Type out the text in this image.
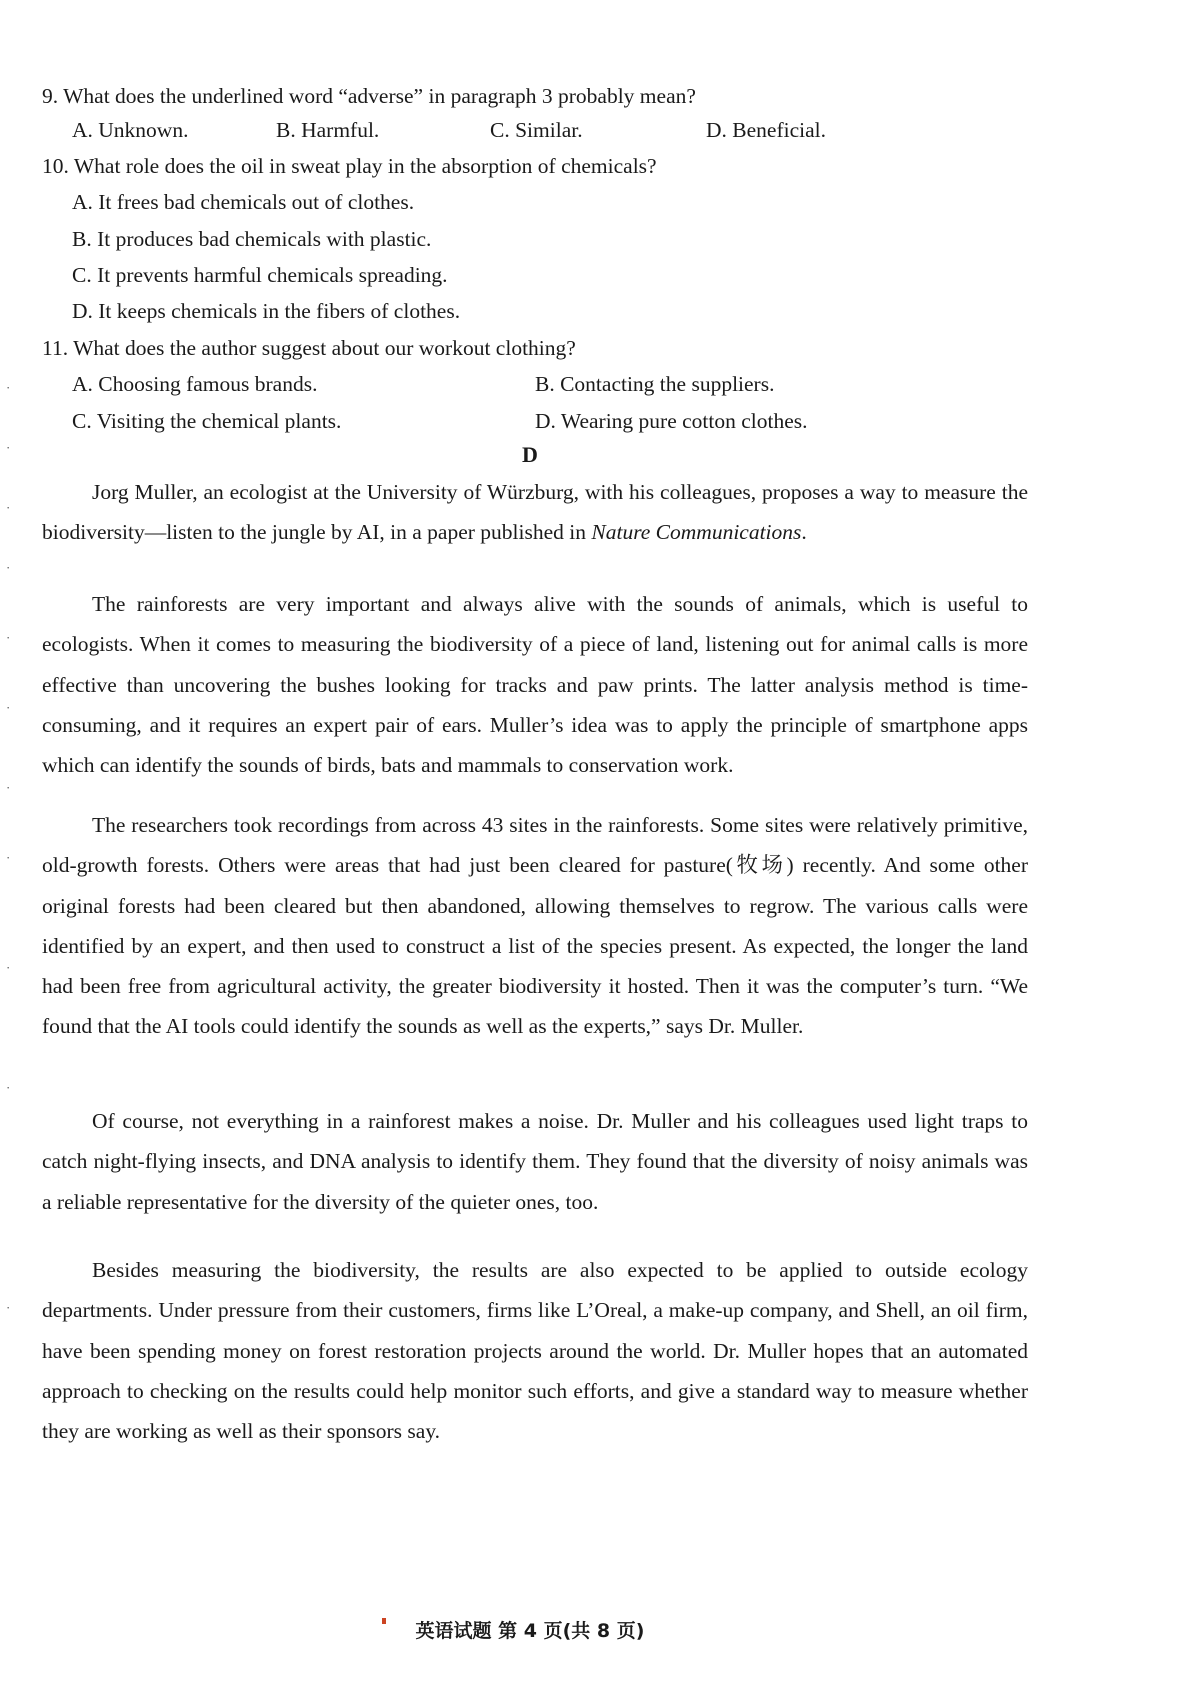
9. What does the underlined word “adverse” in paragraph 3 probably mean?
A. Unknown.	B. Harmful.	C. Similar.	D. Beneficial.
10. What role does the oil in sweat play in the absorption of chemicals?
A. It frees bad chemicals out of clothes.
B. It produces bad chemicals with plastic.
C. It prevents harmful chemicals spreading.
D. It keeps chemicals in the fibers of clothes.
11. What does the author suggest about our workout clothing?
A. Choosing famous brands.	B. Contacting the suppliers.
C. Visiting the chemical plants.	D. Wearing pure cotton clothes.
D
Jorg Muller, an ecologist at the University of Würzburg, with his colleagues, proposes a way to measure the biodiversity—listen to the jungle by AI, in a paper published in Nature Communications.
The rainforests are very important and always alive with the sounds of animals, which is useful to ecologists. When it comes to measuring the biodiversity of a piece of land, listening out for animal calls is more effective than uncovering the bushes looking for tracks and paw prints. The latter analysis method is time-consuming, and it requires an expert pair of ears. Muller’s idea was to apply the principle of smartphone apps which can identify the sounds of birds, bats and mammals to conservation work.
The researchers took recordings from across 43 sites in the rainforests. Some sites were relatively primitive, old-growth forests. Others were areas that had just been cleared for pasture(牧场) recently. And some other original forests had been cleared but then abandoned, allowing themselves to regrow. The various calls were identified by an expert, and then used to construct a list of the species present. As expected, the longer the land had been free from agricultural activity, the greater biodiversity it hosted. Then it was the computer’s turn. “We found that the AI tools could identify the sounds as well as the experts,” says Dr. Muller.
Of course, not everything in a rainforest makes a noise. Dr. Muller and his colleagues used light traps to catch night-flying insects, and DNA analysis to identify them. They found that the diversity of noisy animals was a reliable representative for the diversity of the quieter ones, too.
Besides measuring the biodiversity, the results are also expected to be applied to outside ecology departments. Under pressure from their customers, firms like L’Oreal, a make-up company, and Shell, an oil firm, have been spending money on forest restoration projects around the world. Dr. Muller hopes that an automated approach to checking on the results could help monitor such efforts, and give a standard way to measure whether they are working as well as their sponsors say.
·
·
·
·
·
·
·
·
·
·
·
英语试题 第 4 页(共 8 页)
